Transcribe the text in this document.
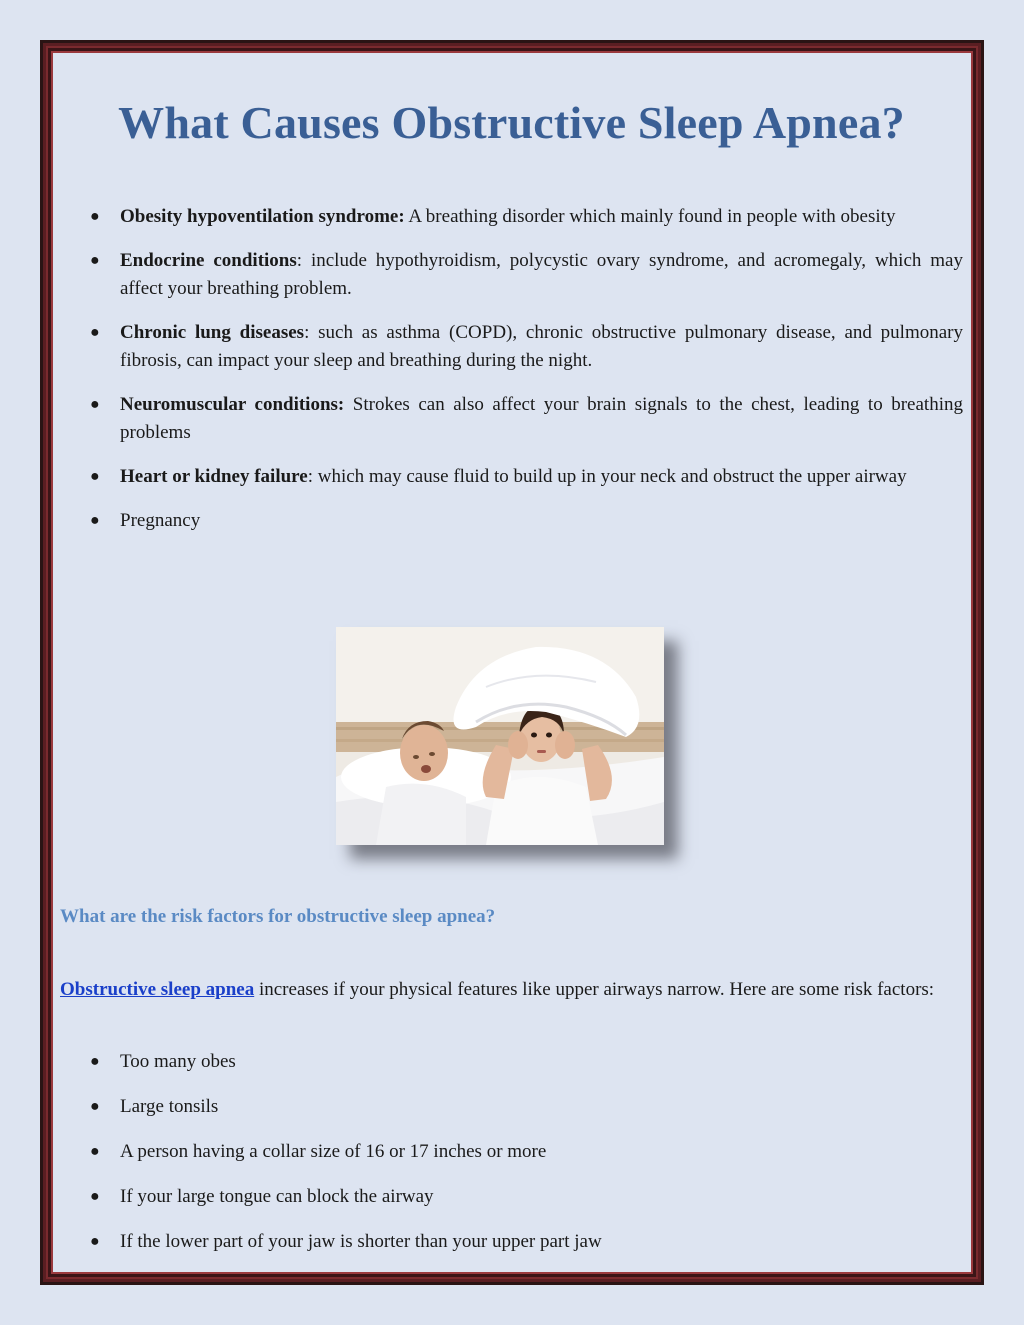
What Causes Obstructive Sleep Apnea?
● Obesity hypoventilation syndrome: A breathing disorder which mainly found in people with obesity
● Endocrine conditions: include hypothyroidism, polycystic ovary syndrome, and acromegaly, which may affect your breathing problem.
● Chronic lung diseases: such as asthma (COPD), chronic obstructive pulmonary disease, and pulmonary fibrosis, can impact your sleep and breathing during the night.
● Neuromuscular conditions: Strokes can also affect your brain signals to the chest, leading to breathing problems
● Heart or kidney failure: which may cause fluid to build up in your neck and obstruct the upper airway
● Pregnancy
What are the risk factors for obstructive sleep apnea?

Obstructive sleep apnea increases if your physical features like upper airways narrow. Here are some risk factors:

● Too many obes
● Large tonsils
● A person having a collar size of 16 or 17 inches or more
● If your large tongue can block the airway
● If the lower part of your jaw is shorter than your upper part jaw
